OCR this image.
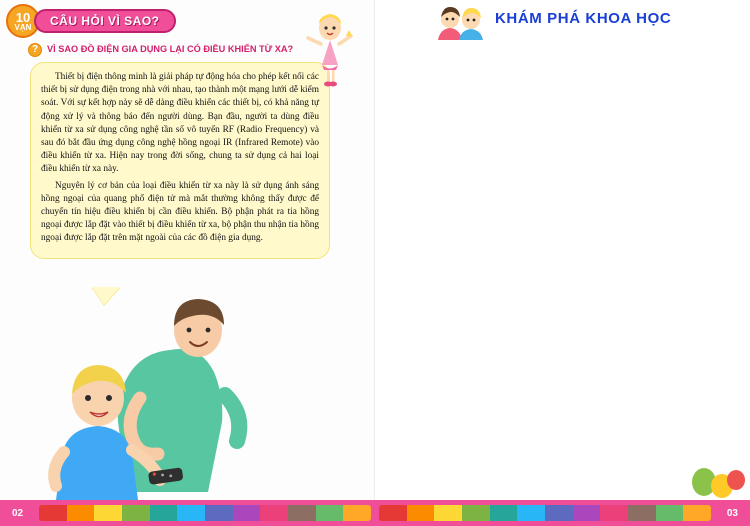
10
VẠN	CÂU HỎI VÌ SAO?
? VÌ SAO ĐỒ ĐIỆN GIA DỤNG LẠI CÓ ĐIỀU KHIỂN TỪ XA?

Thiết bị điện thông minh là giải pháp tự động hóa cho phép kết nối các thiết bị sử dụng điện trong nhà với nhau, tạo thành một mạng lưới dễ kiểm soát. Với sự kết hợp này sẽ dễ dàng điều khiển các thiết bị, có khả năng tự động xử lý và thông báo đến người dùng. Bạn đầu, người ta dùng điều khiển từ xa sử dụng công nghệ tần số vô tuyến RF (Radio Frequency) và sau đó bắt đầu ứng dụng công nghệ hồng ngoại IR (Infrared Remote) vào điều khiển từ xa. Hiện nay trong đời sống, chung ta sử dụng cả hai loại điều khiển từ xa này.

Nguyên lý cơ bản của loại điều khiển từ xa này là sử dụng ánh sáng hồng ngoại của quang phổ điện tử mà mắt thường không thấy được để chuyển tín hiệu điều khiển bị cần điều khiển. Bộ phận phát ra tia hồng ngoại được lắp đặt vào thiết bị điều khiển từ xa, bộ phận thu nhận tia hồng ngoại được lắp đặt trên mặt ngoài của các đồ điện gia dụng.

KHÁM PHÁ KHOA HỌC

02	03
